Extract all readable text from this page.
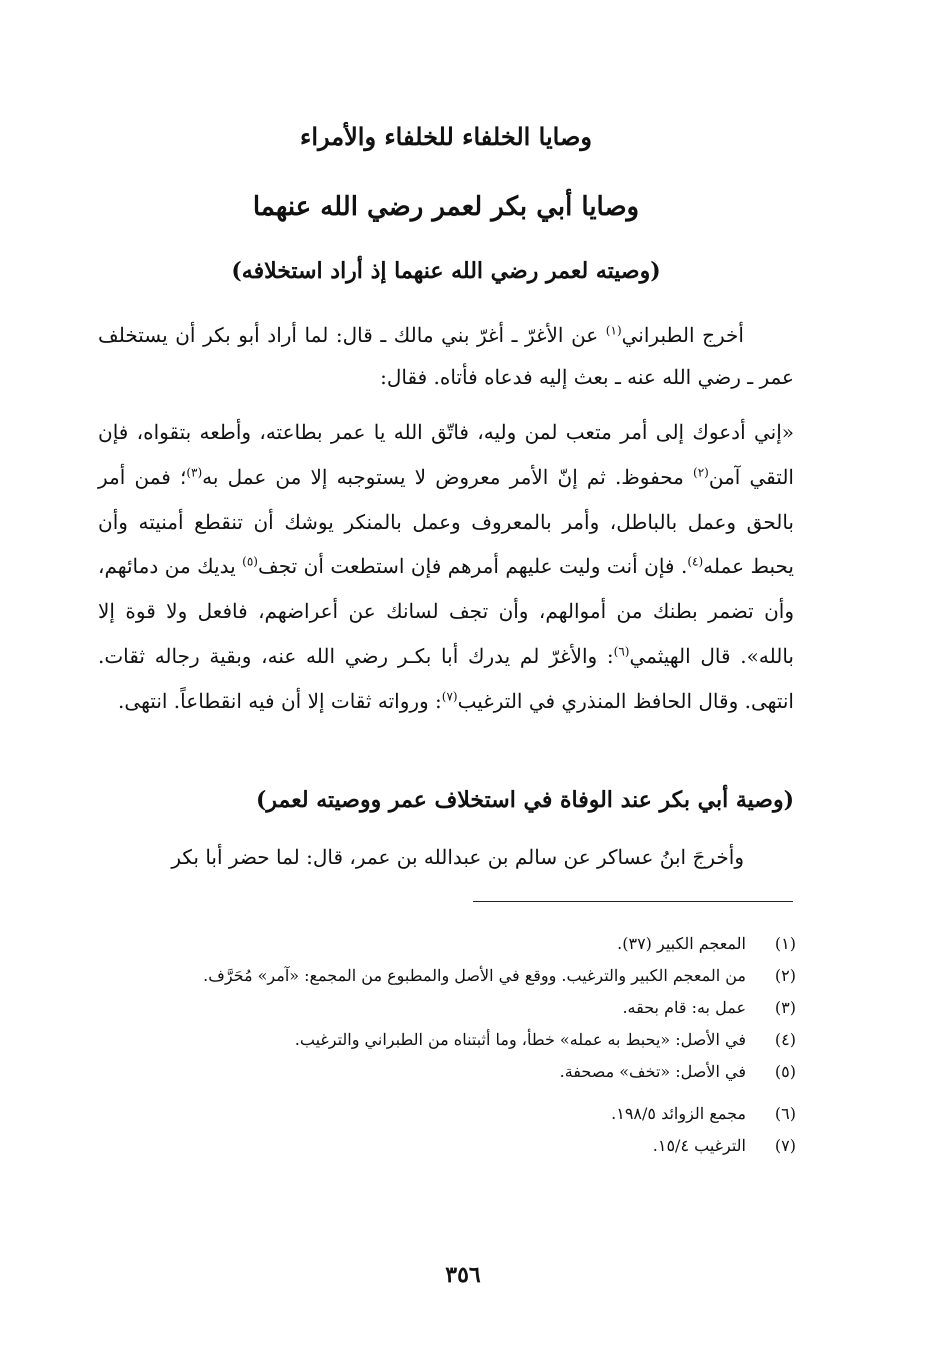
وصايا الخلفاء للخلفاء والأمراء
وصايا أبي بكر لعمر رضي الله عنهما
(وصيته لعمر رضي الله عنهما إذ أراد استخلافه)
أخرج الطبراني$^{(١)}$ عن الأغرّ ـ أغرّ بني مالك ـ قال: لما أراد أبو بكر أن يستخلف عمر ـ رضي الله عنه ـ بعث إليه فدعاه فأتاه. فقال:
«إني أدعوك إلى أمر متعب لمن وليه، فاتّق الله يا عمر بطاعته، وأطعه بتقواه، فإن التقي آمن$^{(٢)}$ محفوظ. ثم إنّ الأمر معروض لا يستوجبه إلا من عمل به$^{(٣)}$؛ فمن أمر بالحق وعمل بالباطل، وأمر بالمعروف وعمل بالمنكر يوشك أن تنقطع أمنيته وأن يحبط عمله$^{(٤)}$. فإن أنت وليت عليهم أمرهم فإن استطعت أن تجف$^{(٥)}$ يديك من دمائهم، وأن تضمر بطنك من أموالهم، وأن تجف لسانك عن أعراضهم، فافعل ولا قوة إلا بالله». قال الهيثمي$^{(٦)}$: والأغرّ لم يدرك أبا بكـر رضي الله عنه، وبقية رجاله ثقات. انتهى. وقال الحافظ المنذري في الترغيب$^{(٧)}$: ورواته ثقات إلا أن فيه انقطاعاً. انتهى.
(وصية أبي بكر عند الوفاة في استخلاف عمر ووصيته لعمر)
وأخرجَ ابنُ عساكر عن سالم بن عبدالله بن عمر، قال: لما حضر أبا بكر
(١)
المعجم الكبير (٣٧).
(٢)
من المعجم الكبير والترغيب. ووقع في الأصل والمطبوع من المجمع: «آمر» مُحَرَّف.
(٣)
عمل به: قام بحقه.
(٤)
في الأصل: «يحبط به عمله» خطأ، وما أثبتناه من الطبراني والترغيب.
(٥)
في الأصل: «تخف» مصحفة.
(٦)
مجمع الزوائد ١٩٨/٥.
(٧)
الترغيب ١٥/٤.
٣٥٦
